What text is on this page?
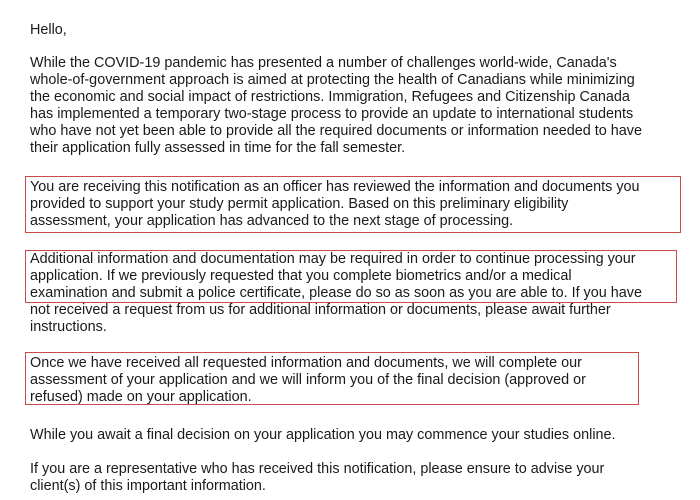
Hello,
While the COVID-19 pandemic has presented a number of challenges world-wide, Canada's
whole-of-government approach is aimed at protecting the health of Canadians while minimizing
the economic and social impact of restrictions. Immigration, Refugees and Citizenship Canada
has implemented a temporary two-stage process to provide an update to international students
who have not yet been able to provide all the required documents or information needed to have
their application fully assessed in time for the fall semester.
You are receiving this notification as an officer has reviewed the information and documents you
provided to support your study permit application. Based on this preliminary eligibility
assessment, your application has advanced to the next stage of processing.
Additional information and documentation may be required in order to continue processing your
application. If we previously requested that you complete biometrics and/or a medical
examination and submit a police certificate, please do so as soon as you are able to. If you have
not received a request from us for additional information or documents, please await further
instructions.
Once we have received all requested information and documents, we will complete our
assessment of your application and we will inform you of the final decision (approved or
refused) made on your application.
While you await a final decision on your application you may commence your studies online.
If you are a representative who has received this notification, please ensure to advise your
client(s) of this important information.
